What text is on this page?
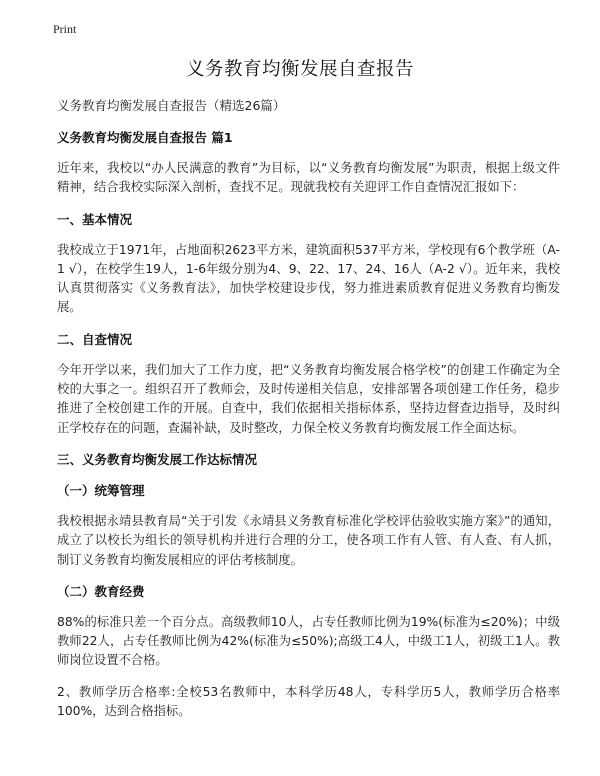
Print
义务教育均衡发展自查报告
义务教育均衡发展自查报告（精选26篇）
义务教育均衡发展自查报告 篇1

近年来，我校以“办人民满意的教育”为目标，以“义务教育均衡发展”为职责，根据上级文件精神，结合我校实际深入剖析，查找不足。现就我校有关迎评工作自查情况汇报如下：

一、基本情况

我校成立于1971年，占地面积2623平方米，建筑面积537平方米，学校现有6个教学班（A-1 √），在校学生19人，1-6年级分别为4、9、22、17、24、16人（A-2 √）。近年来，我校认真贯彻落实《义务教育法》，加快学校建设步伐，努力推进素质教育促进义务教育均衡发展。

二、自查情况

今年开学以来，我们加大了工作力度，把“义务教育均衡发展合格学校”的创建工作确定为全校的大事之一。组织召开了教师会，及时传递相关信息，安排部署各项创建工作任务，稳步推进了全校创建工作的开展。自查中，我们依据相关指标体系，坚持边督查边指导，及时纠正学校存在的问题，查漏补缺，及时整改，力保全校义务教育均衡发展工作全面达标。

三、义务教育均衡发展工作达标情况
（一）统筹管理

我校根据永靖县教育局“关于引发《永靖县义务教育标准化学校评估验收实施方案》”的通知，成立了以校长为组长的领导机构并进行合理的分工，使各项工作有人管、有人查、有人抓，制订义务教育均衡发展相应的评估考核制度。

（二）教育经费

88%的标准只差一个百分点。高级教师10人，占专任教师比例为19%(标准为≤20%)；中级教师22人，占专任教师比例为42%(标准为≤50%);高级工4人，中级工1人，初级工1人。教师岗位设置不合格。

2、教师学历合格率:全校53名教师中，本科学历48人，专科学历5人，教师学历合格率100%，达到合格指标。
